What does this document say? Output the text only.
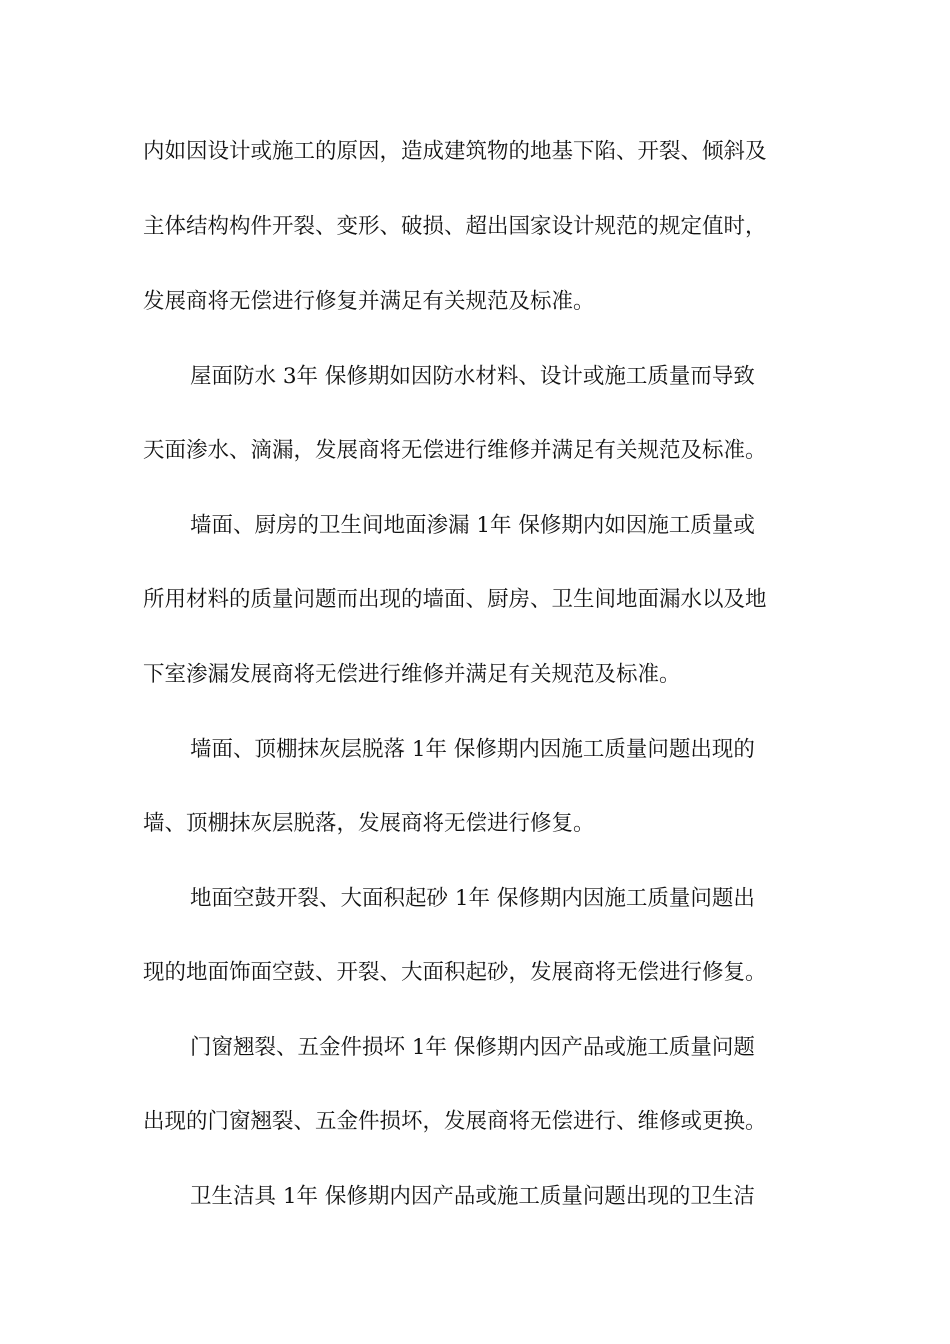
内如因设计或施工的原因，造成建筑物的地基下陷、开裂、倾斜及
主体结构构件开裂、变形、破损、超出国家设计规范的规定值时，
发展商将无偿进行修复并满足有关规范及标准。
屋面防水 3年 保修期如因防水材料、设计或施工质量而导致
天面渗水、滴漏，发展商将无偿进行维修并满足有关规范及标准。
墙面、厨房的卫生间地面渗漏 1年 保修期内如因施工质量或
所用材料的质量问题而出现的墙面、厨房、卫生间地面漏水以及地
下室渗漏发展商将无偿进行维修并满足有关规范及标准。
墙面、顶棚抹灰层脱落 1年 保修期内因施工质量问题出现的
墙、顶棚抹灰层脱落，发展商将无偿进行修复。
地面空鼓开裂、大面积起砂 1年 保修期内因施工质量问题出
现的地面饰面空鼓、开裂、大面积起砂，发展商将无偿进行修复。
门窗翘裂、五金件损坏 1年 保修期内因产品或施工质量问题
出现的门窗翘裂、五金件损坏，发展商将无偿进行、维修或更换。
卫生洁具 1年 保修期内因产品或施工质量问题出现的卫生洁
